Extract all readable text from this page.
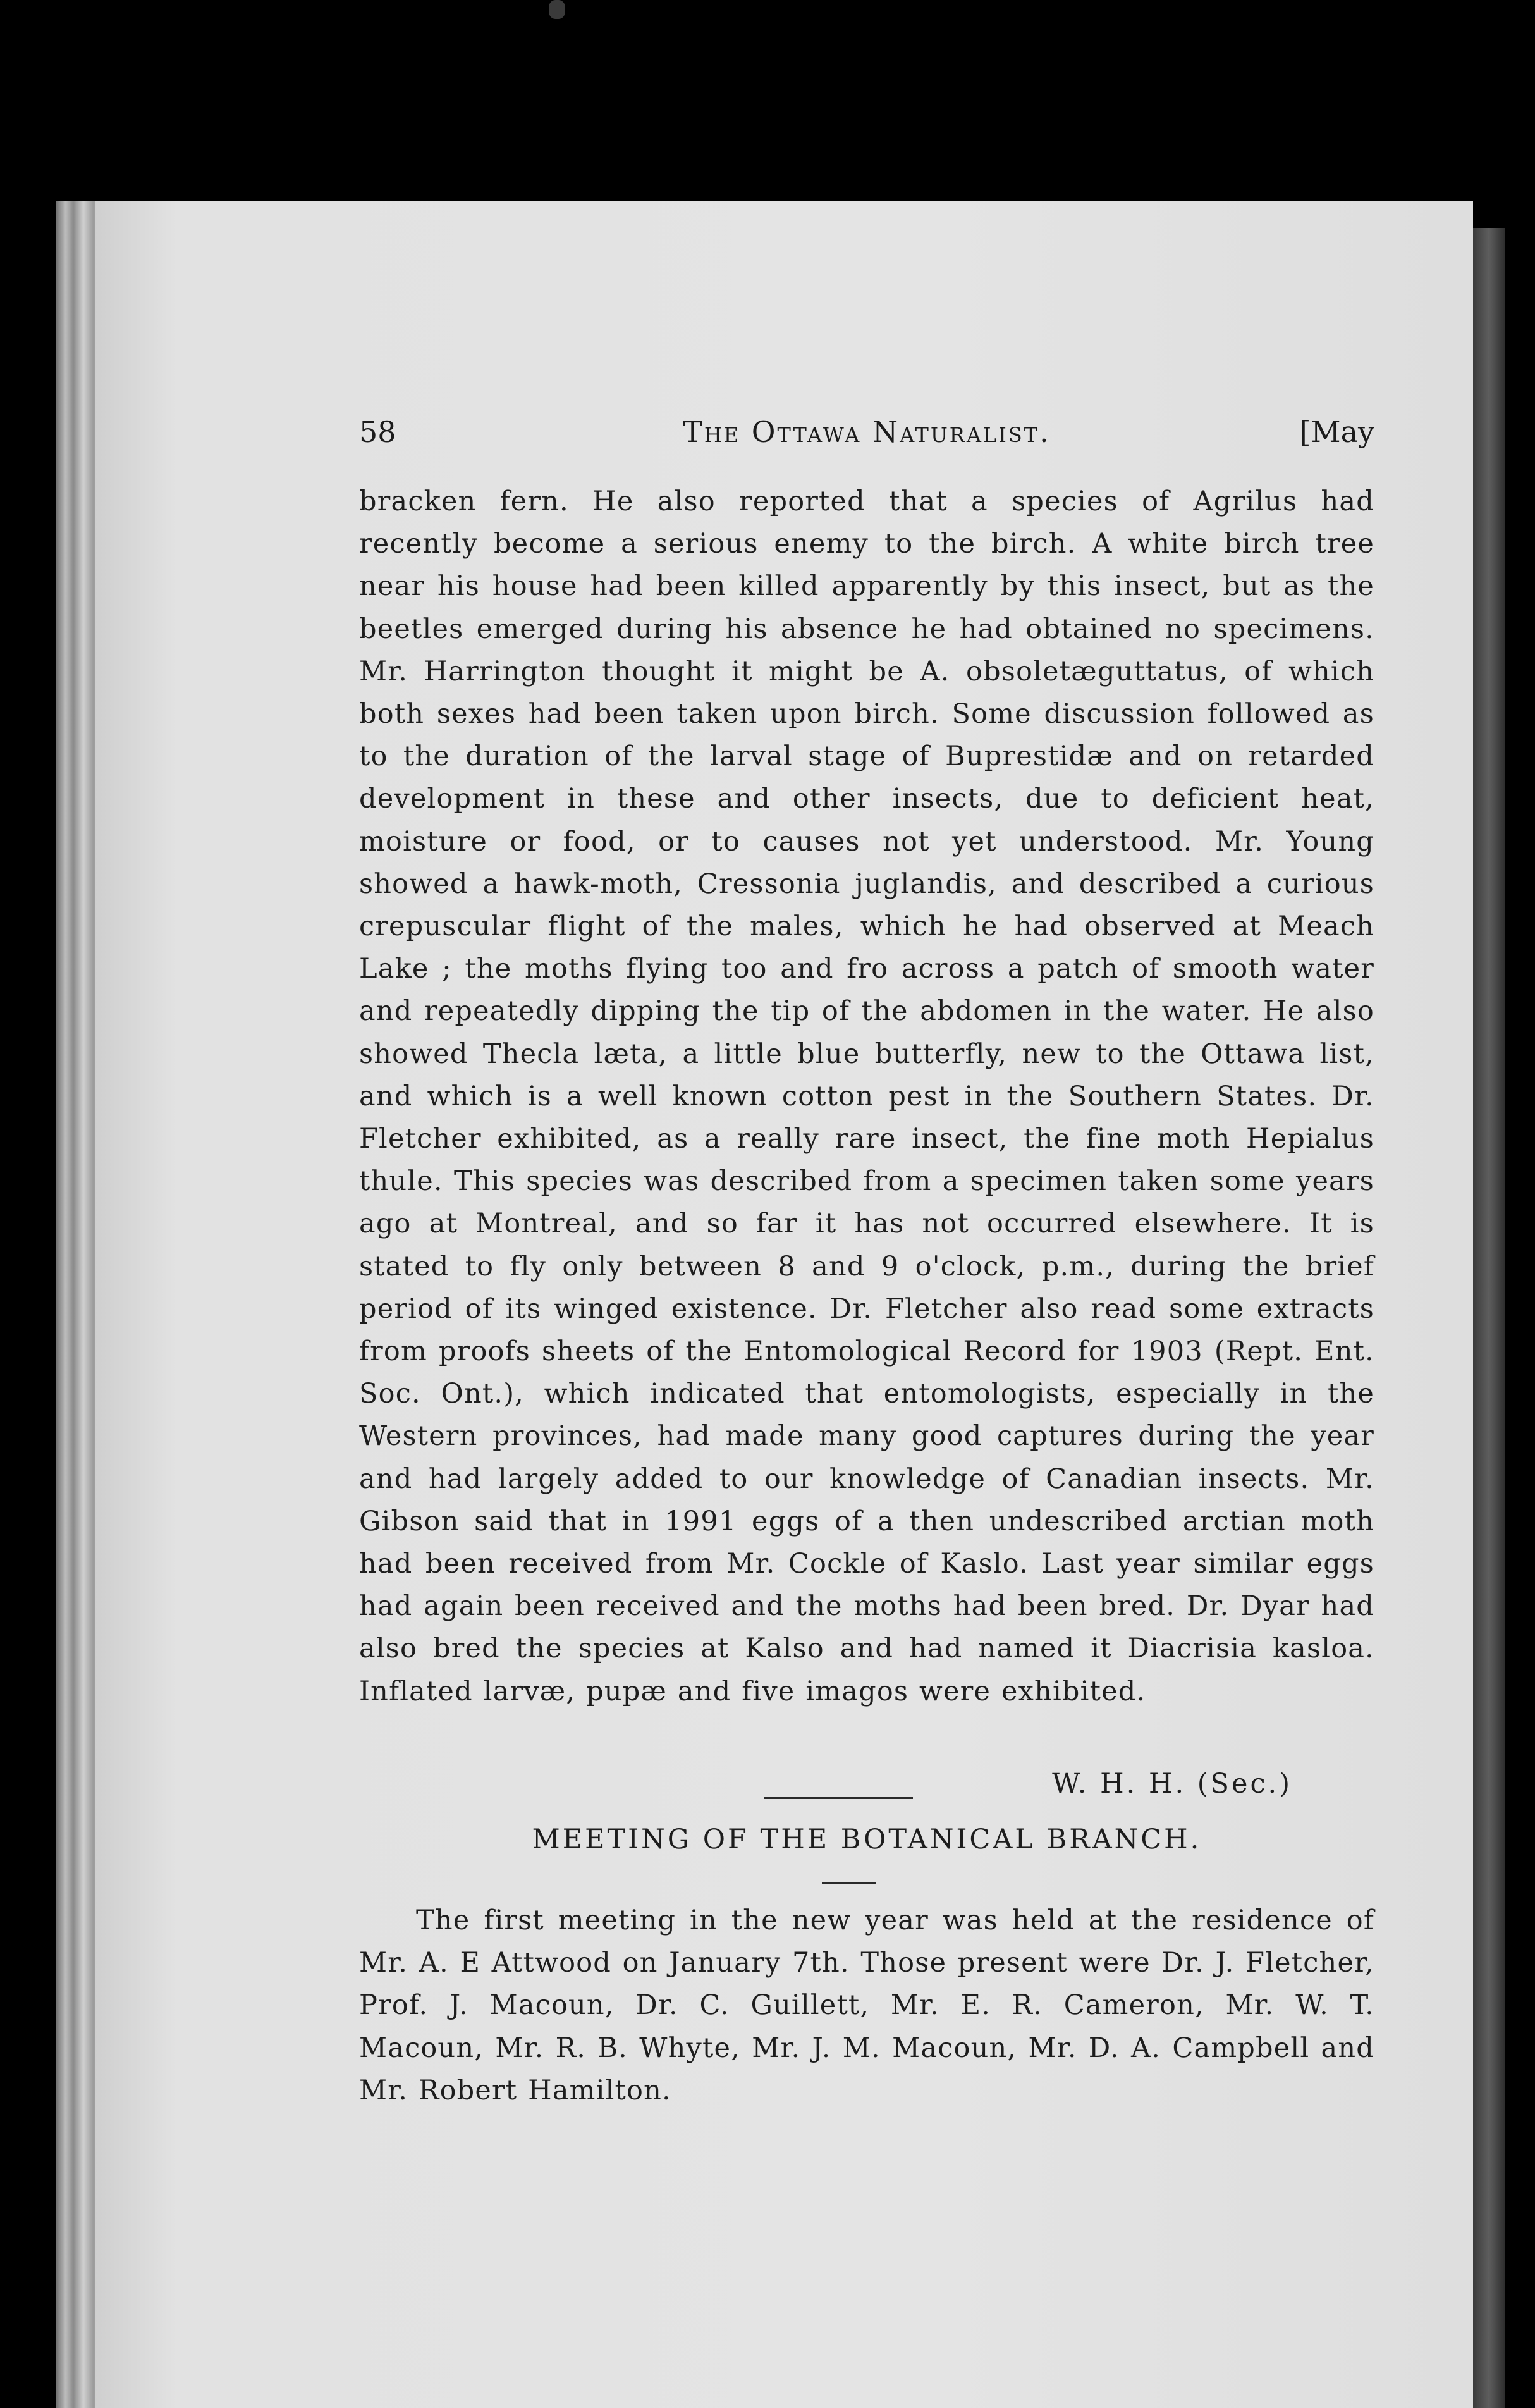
58	The Ottawa Naturalist.	[May

bracken fern. He also reported that a species of Agrilus had recently become a serious enemy to the birch. A white birch tree near his house had been killed apparently by this insect, but as the beetles emerged during his absence he had obtained no specimens. Mr. Harrington thought it might be A. obsoletæguttatus, of which both sexes had been taken upon birch. Some discussion followed as to the duration of the larval stage of Buprestidæ and on retarded development in these and other insects, due to deficient heat, moisture or food, or to causes not yet understood. Mr. Young showed a hawk-moth, Cressonia juglandis, and described a curious crepuscular flight of the males, which he had observed at Meach Lake ; the moths flying too and fro across a patch of smooth water and repeatedly dipping the tip of the abdomen in the water. He also showed Thecla læta, a little blue butterfly, new to the Ottawa list, and which is a well known cotton pest in the Southern States. Dr. Fletcher exhibited, as a really rare insect, the fine moth Hepialus thule. This species was described from a specimen taken some years ago at Montreal, and so far it has not occurred elsewhere. It is stated to fly only between 8 and 9 o'clock, p.m., during the brief period of its winged existence. Dr. Fletcher also read some extracts from proofs sheets of the Entomological Record for 1903 (Rept. Ent. Soc. Ont.), which indicated that entomologists, especially in the Western provinces, had made many good captures during the year and had largely added to our knowledge of Canadian insects. Mr. Gibson said that in 1991 eggs of a then undescribed arctian moth had been received from Mr. Cockle of Kaslo. Last year similar eggs had again been received and the moths had been bred. Dr. Dyar had also bred the species at Kalso and had named it Diacrisia kasloa. Inflated larvæ, pupæ and five imagos were exhibited.

W. H. H. (Sec.)
MEETING OF THE BOTANICAL BRANCH.

The first meeting in the new year was held at the residence of Mr. A. E Attwood on January 7th. Those present were Dr. J. Fletcher, Prof. J. Macoun, Dr. C. Guillett, Mr. E. R. Cameron, Mr. W. T. Macoun, Mr. R. B. Whyte, Mr. J. M. Macoun, Mr. D. A. Campbell and Mr. Robert Hamilton.
